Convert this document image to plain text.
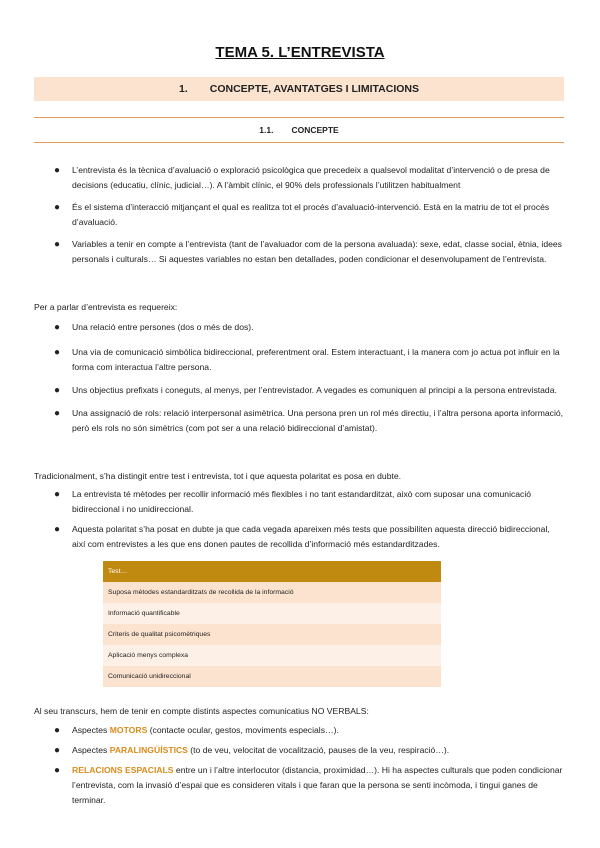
TEMA 5. L’ENTREVISTA
1. CONCEPTE, AVANTATGES I LIMITACIONS
1.1. CONCEPTE
● L’entrevista és la tècnica d’avaluació o exploració psicològica que precedeix a qualsevol modalitat d’intervenció o de presa de decisions (educatiu, clínic, judicial…). A l’àmbit clínic, el 90% dels professionals l’utilitzen habitualment
● És el sistema d’interacció mitjançant el qual es realitza tot el procés d’avaluació-intervenció. Està en la matriu de tot el procés d’avaluació.
● Variables a tenir en compte a l’entrevista (tant de l’avaluador com de la persona avaluada): sexe, edat, classe social, ètnia, idees personals i culturals… Si aquestes variables no estan ben detallades, poden condicionar el desenvolupament de l’entrevista.
Per a parlar d’entrevista es requereix:
● Una relació entre persones (dos o més de dos).
● Una via de comunicació simbòlica bidireccional, preferentment oral. Estem interactuant, i la manera com jo actua pot influir en la forma com interactua l’altre persona.
● Uns objectius prefixats i coneguts, al menys, per l’entrevistador. A vegades es comuniquen al principi a la persona entrevistada.
● Una assignació de rols: relació interpersonal asimètrica. Una persona pren un rol més directiu, i l’altra persona aporta informació, però els rols no són simètrics (com pot ser a una relació bidireccional d’amistat).
Tradicionalment, s’ha distingit entre test i entrevista, tot i que aquesta polaritat es posa en dubte.
● La entrevista té mètodes per recollir informació més flexibles i no tant estandarditzat, això com suposar una comunicació bidireccional i no unidireccional.
● Aquesta polaritat s’ha posat en dubte ja que cada vegada apareixen més tests que possibiliten aquesta direcció bidireccional, així com entrevistes a les que ens donen pautes de recollida d’informació més estandarditzades.
Test…
Suposa mètodes estandarditzats de recollida de la informació
Informació quantificable
Criteris de qualitat psicomètriques
Aplicació menys complexa
Comunicació unidireccional
Al seu transcurs, hem de tenir en compte distints aspectes comunicatius NO VERBALS:
● Aspectes MOTORS (contacte ocular, gestos, moviments especials…).
● Aspectes PARALINGÜÍSTICS (to de veu, velocitat de vocalització, pauses de la veu, respiració…).
● RELACIONS ESPACIALS entre un i l’altre interlocutor (distancia, proximidad…). Hi ha aspectes culturals que poden condicionar l’entrevista, com la invasió d’espai que es consideren vitals i que faran que la persona se senti incòmoda, i tingui ganes de terminar.
